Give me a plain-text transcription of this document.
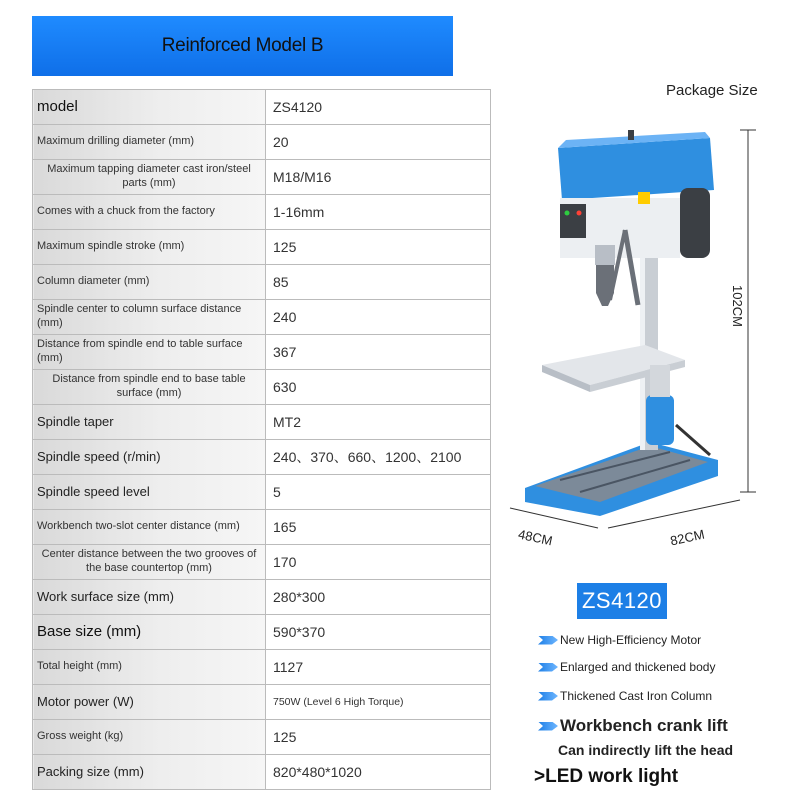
Reinforced Model B
model	ZS4120
Maximum drilling diameter (mm)	20
Maximum tapping diameter cast iron/steel parts (mm)	M18/M16
Comes with a chuck from the factory	1-16mm
Maximum spindle stroke (mm)	125
Column diameter (mm)	85
Spindle center to column surface distance (mm)	240
Distance from spindle end to table surface (mm)	367
Distance from spindle end to base table surface (mm)	630
Spindle taper	MT2
Spindle speed (r/min)	240、370、660、1200、2100
Spindle speed level	5
Workbench two-slot center distance (mm)	165
Center distance between the two grooves of the base countertop (mm)	170
Work surface size (mm)	280*300
Base size (mm)	590*370
Total height (mm)	1127
Motor power (W)	750W (Level 6 High Torque)
Gross weight (kg)	125
Packing size (mm)	820*480*1020
Package Size
102CM
48CM	82CM
ZS4120
New High-Efficiency Motor
Enlarged and thickened body
Thickened Cast Iron Column
Workbench crank lift
Can indirectly lift the head
>LED work light
